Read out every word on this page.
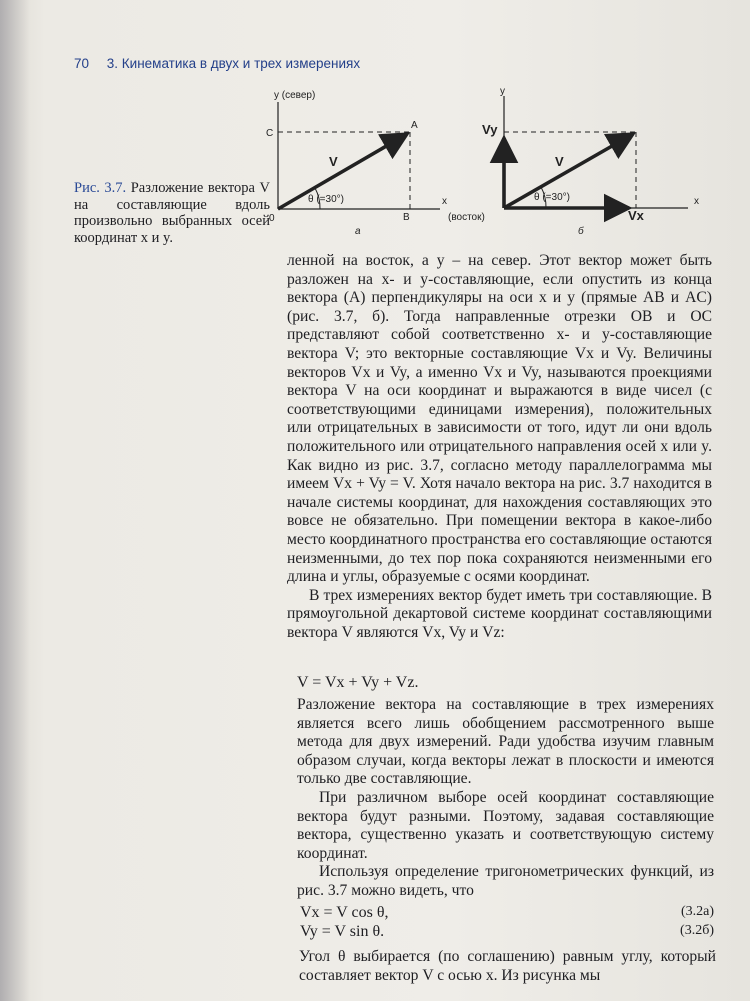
70 3. Кинематика в двух и трех измерениях
Рис. 3.7. Разложение вектора V на составляющие вдоль произвольно выбранных осей координат x и y.
y (север)
x
(восток)
0
A
B
C
V
θ (=30°)
а
y
x
Vy
Vx
V
θ (=30°)
б

ленной на восток, а y – на север. Этот вектор может быть разложен на x- и y-составляющие, если опустить из конца вектора (A) перпендикуляры на оси x и y (прямые AB и AC) (рис. 3.7, б). Тогда направленные отрезки OB и OC представляют собой соответственно x- и y-составляющие вектора V; это векторные составляющие Vx и Vy. Величины векторов Vx и Vy, а именно Vx и Vy, называются проекциями вектора V на оси координат и выражаются в виде чисел (с соответствующими единицами измерения), положительных или отрицательных в зависимости от того, идут ли они вдоль положительного или отрицательного направления осей x или y. Как видно из рис. 3.7, согласно методу параллелограмма мы имеем Vx + Vy = V. Хотя начало вектора на рис. 3.7 находится в начале системы координат, для нахождения составляющих это вовсе не обязательно. При помещении вектора в какое-либо место координатного пространства его составляющие остаются неизменными, до тех пор пока сохраняются неизменными его длина и углы, образуемые с осями координат.

В трех измерениях вектор будет иметь три составляющие. В прямоугольной декартовой системе координат составляющими вектора V являются Vx, Vy и Vz:

V = Vx + Vy + Vz.

Разложение вектора на составляющие в трех измерениях является всего лишь обобщением рассмотренного выше метода для двух измерений. Ради удобства изучим главным образом случаи, когда векторы лежат в плоскости и имеются только две составляющие.

При различном выборе осей координат составляющие вектора будут разными. Поэтому, задавая составляющие вектора, существенно указать и соответствующую систему координат.

Используя определение тригонометрических функций, из рис. 3.7 можно видеть, что

Vx = V cos θ,	(3.2a)
Vy = V sin θ.	(3.2б)

Угол θ выбирается (по соглашению) равным углу, который составляет вектор V с осью x. Из рисунка мы
